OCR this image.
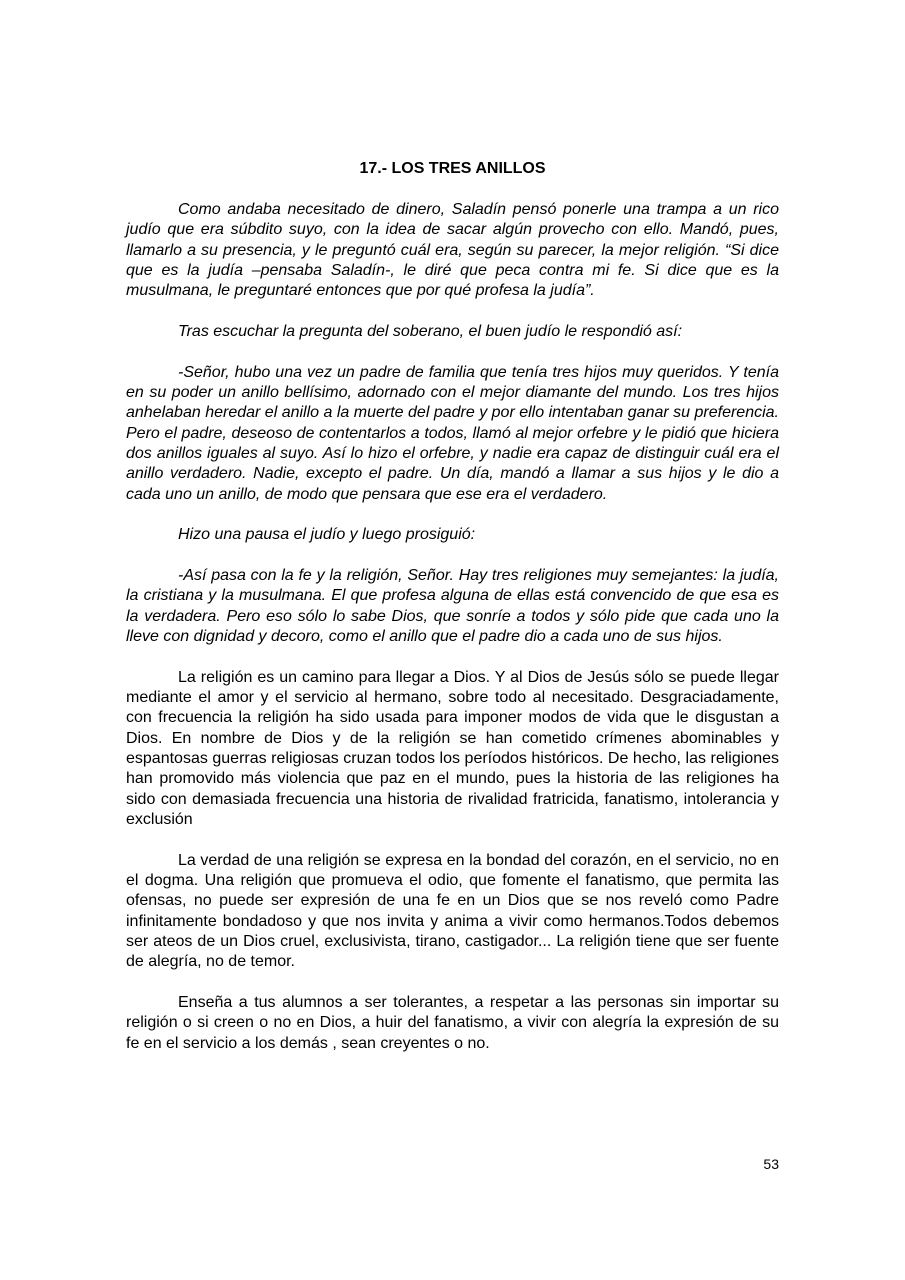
17.- LOS TRES ANILLOS

Como andaba necesitado de dinero, Saladín pensó ponerle una trampa a un rico judío que era súbdito suyo, con la idea de sacar algún provecho con ello. Mandó, pues, llamarlo a su presencia, y le preguntó cuál era, según su parecer, la mejor religión. “Si dice que es la judía –pensaba Saladín-, le diré que peca contra mi fe. Si dice que es la musulmana, le preguntaré entonces que por qué profesa la judía”.

Tras escuchar la pregunta del soberano, el buen judío le respondió así:

-Señor, hubo una vez un padre de familia que tenía tres hijos muy queridos. Y tenía en su poder un anillo bellísimo, adornado con el mejor diamante del mundo. Los tres hijos anhelaban heredar el anillo a la muerte del padre y por ello intentaban ganar su preferencia. Pero el padre, deseoso de contentarlos a todos, llamó al mejor orfebre y le pidió que hiciera dos anillos iguales al suyo. Así lo hizo el orfebre, y nadie era capaz de distinguir cuál era el anillo verdadero. Nadie, excepto el padre. Un día, mandó a llamar a sus hijos y le dio a cada uno un anillo, de modo que pensara que ese era el verdadero.

Hizo una pausa el judío y luego prosiguió:

-Así pasa con la fe y la religión, Señor. Hay tres religiones muy semejantes: la judía, la cristiana y la musulmana. El que profesa alguna de ellas está convencido de que esa es la verdadera. Pero eso sólo lo sabe Dios, que sonríe a todos y sólo pide que cada uno la lleve con dignidad y decoro, como el anillo que el padre dio a cada uno de sus hijos.

La religión es un camino para llegar a Dios. Y al Dios de Jesús sólo se puede llegar mediante el amor y el servicio al hermano, sobre todo al necesitado. Desgraciadamente, con frecuencia la religión ha sido usada para imponer modos de vida que le disgustan a Dios. En nombre de Dios y de la religión se han cometido crímenes abominables y espantosas guerras religiosas cruzan todos los períodos históricos. De hecho, las religiones han promovido más violencia que paz en el mundo, pues la historia de las religiones ha sido con demasiada frecuencia una historia de rivalidad fratricida, fanatismo, intolerancia y exclusión

La verdad de una religión se expresa en la bondad del corazón, en el servicio, no en el dogma. Una religión que promueva el odio, que fomente el fanatismo, que permita las ofensas, no puede ser expresión de una fe en un Dios que se nos reveló como Padre infinitamente bondadoso y que nos invita y anima a vivir como hermanos.Todos debemos ser ateos de un Dios cruel, exclusivista, tirano, castigador... La religión tiene que ser fuente de alegría, no de temor.

Enseña a tus alumnos a ser tolerantes, a respetar a las personas sin importar su religión o si creen o no en Dios, a huir del fanatismo, a vivir con alegría la expresión de su fe en el servicio a los demás , sean creyentes o no.

53
